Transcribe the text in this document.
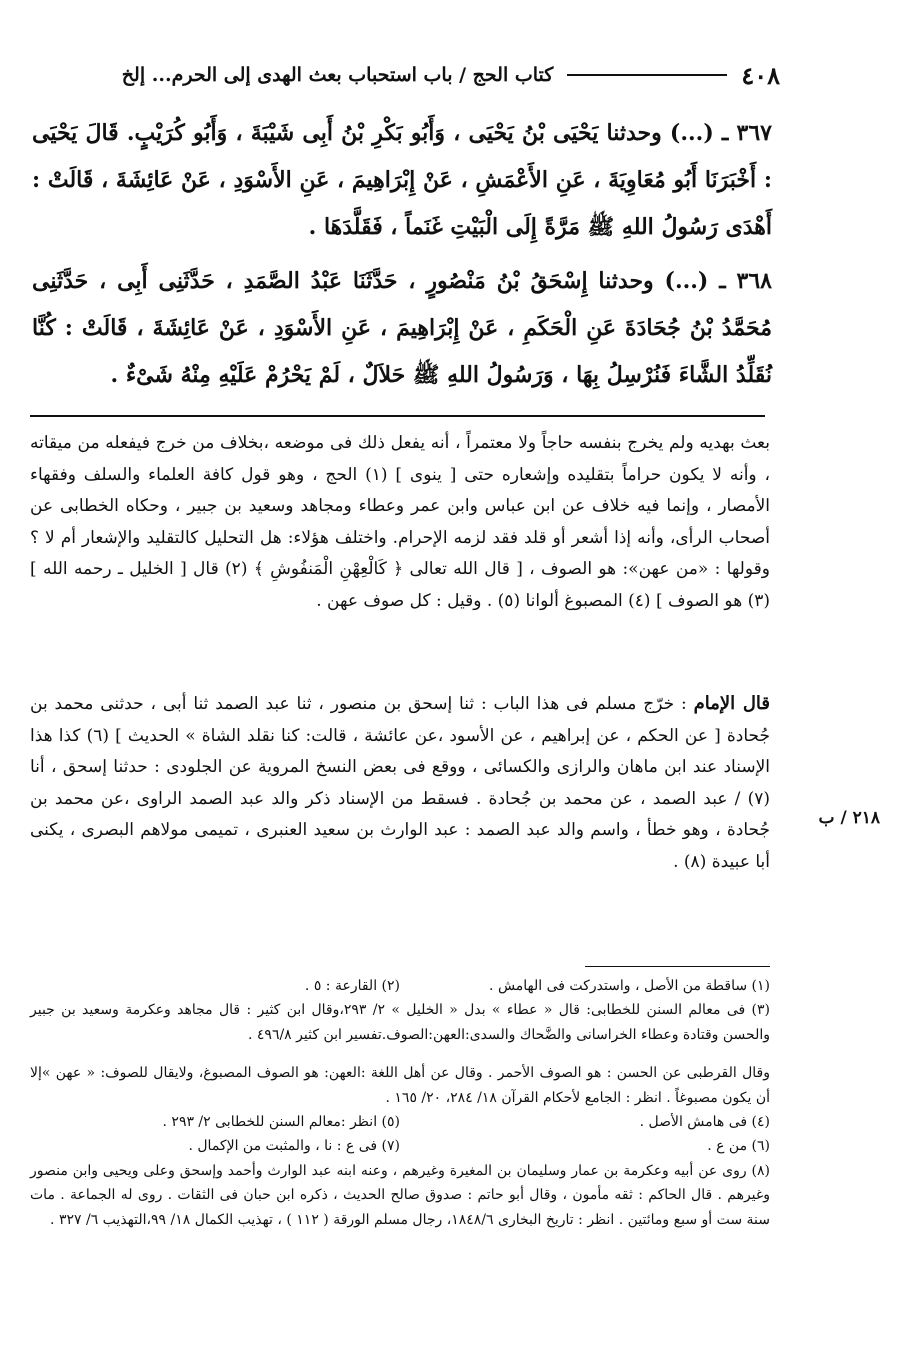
٤٠٨
كتاب الحج / باب استحباب بعث الهدى إلى الحرم... إلخ

٣٦٧ ـ (...) وحدثنا يَحْيَى بْنُ يَحْيَى ، وَأَبُو بَكْرِ بْنُ أَبِى شَيْبَةَ ، وَأَبُو كُرَيْبٍ. قَالَ يَحْيَى : أَخْبَرَنَا أَبُو مُعَاوِيَةَ ، عَنِ الأَعْمَشِ ، عَنْ إِبْرَاهِيمَ ، عَنِ الأَسْوَدِ ، عَنْ عَائِشَةَ ، قَالَتْ : أَهْدَى رَسُولُ اللهِ ﷺ مَرَّةً إِلَى الْبَيْتِ غَنَماً ، فَقَلَّدَهَا .

٣٦٨ ـ (...) وحدثنا إِسْحَقُ بْنُ مَنْصُورٍ ، حَدَّثَنَا عَبْدُ الصَّمَدِ ، حَدَّثَنِى أَبِى ، حَدَّثَنِى مُحَمَّدُ بْنُ جُحَادَةَ عَنِ الْحَكَمِ ، عَنْ إِبْرَاهِيمَ ، عَنِ الأَسْوَدِ ، عَنْ عَائِشَةَ ، قَالَتْ : كُنَّا نُقَلِّدُ الشَّاءَ فَنُرْسِلُ بِهَا ، وَرَسُولُ اللهِ ﷺ حَلاَلٌ ، لَمْ يَحْرُمْ عَلَيْهِ مِنْهُ شَىْءٌ .

بعث بهديه ولم يخرج بنفسه حاجاً ولا معتمراً ، أنه يفعل ذلك فى موضعه ،بخلاف من خرج فيفعله من ميقاته ، وأنه لا يكون حراماً بتقليده وإشعاره حتى [ ينوى ] (١) الحج ، وهو قول كافة العلماء والسلف وفقهاء الأمصار ، وإنما فيه خلاف عن ابن عباس وابن عمر وعطاء ومجاهد وسعيد بن جبير ، وحكاه الخطابى عن أصحاب الرأى، وأنه إذا أشعر أو قلد فقد لزمه الإحرام. واختلف هؤلاء: هل التحليل كالتقليد والإشعار أم لا ؟ وقولها : «من عهن»: هو الصوف ، [ قال الله تعالى ﴿ كَالْعِهْنِ الْمَنفُوشِ ﴾ (٢) قال [ الخليل ـ رحمه الله ] (٣) هو الصوف ] (٤) المصبوغ ألوانا (٥) . وقيل : كل صوف عهن .

قال الإمام : خرّج مسلم فى هذا الباب : ثنا إسحق بن منصور ، ثنا عبد الصمد ثنا أبى ، حدثنى محمد بن جُحادة [ عن الحكم ، عن إبراهيم ، عن الأسود ،عن عائشة ، قالت: كنا نقلد الشاة » الحديث ] (٦) كذا هذا الإسناد عند ابن ماهان والرازى والكسائى ، ووقع فى بعض النسخ المروية عن الجلودى : حدثنا إسحق ، أنا (٧) / عبد الصمد ، عن محمد بن جُحادة . فسقط من الإسناد ذكر والد عبد الصمد الراوى ،عن محمد بن جُحادة ، وهو خطأ ، واسم والد عبد الصمد : عبد الوارث بن سعيد العنبرى ، تميمى مولاهم البصرى ، يكنى أبا عبيدة (٨) .

٢١٨ / ب
(١) ساقطة من الأصل ، واستدركت فى الهامش .
(٢) القارعة : ٥ .

(٣) فى معالم السنن للخطابى: قال « عطاء » بدل « الخليل » ٢/ ٢٩٣،وقال ابن كثير : قال مجاهد وعكرمة وسعيد بن جبير والحسن وقتادة وعطاء الخراسانى والضَّحاك والسدى:العهن:الصوف.تفسير ابن كثير ٤٩٦/٨ .

وقال القرطبى عن الحسن : هو الصوف الأحمر . وقال عن أهل اللغة :العهن: هو الصوف المصبوغ، ولايقال للصوف: « عهن »إلا أن يكون مصبوغاً . انظر : الجامع لأحكام القرآن ١٨/ ٢٨٤، ٢٠/ ١٦٥ .

(٤) فى هامش الأصل .
(٥) انظر :معالم السنن للخطابى ٢/ ٢٩٣ .
(٦) من ع .
(٧) فى ع : نا ، والمثبت من الإكمال .

(٨) روى عن أبيه وعكرمة بن عمار وسليمان بن المغيرة وغيرهم ، وعنه ابنه عبد الوارث وأحمد وإسحق وعلى ويحيى وابن منصور وغيرهم . قال الحاكم : ثقه مأمون ، وقال أبو حاتم : صدوق صالح الحديث ، ذكره ابن حبان فى الثقات . روى له الجماعة . مات سنة ست أو سبع ومائتين . انظر : تاريخ البخارى ١٨٤٨/٦، رجال مسلم الورقة ( ١١٢ ) ، تهذيب الكمال ١٨/ ٩٩،التهذيب ٦/ ٣٢٧ .
